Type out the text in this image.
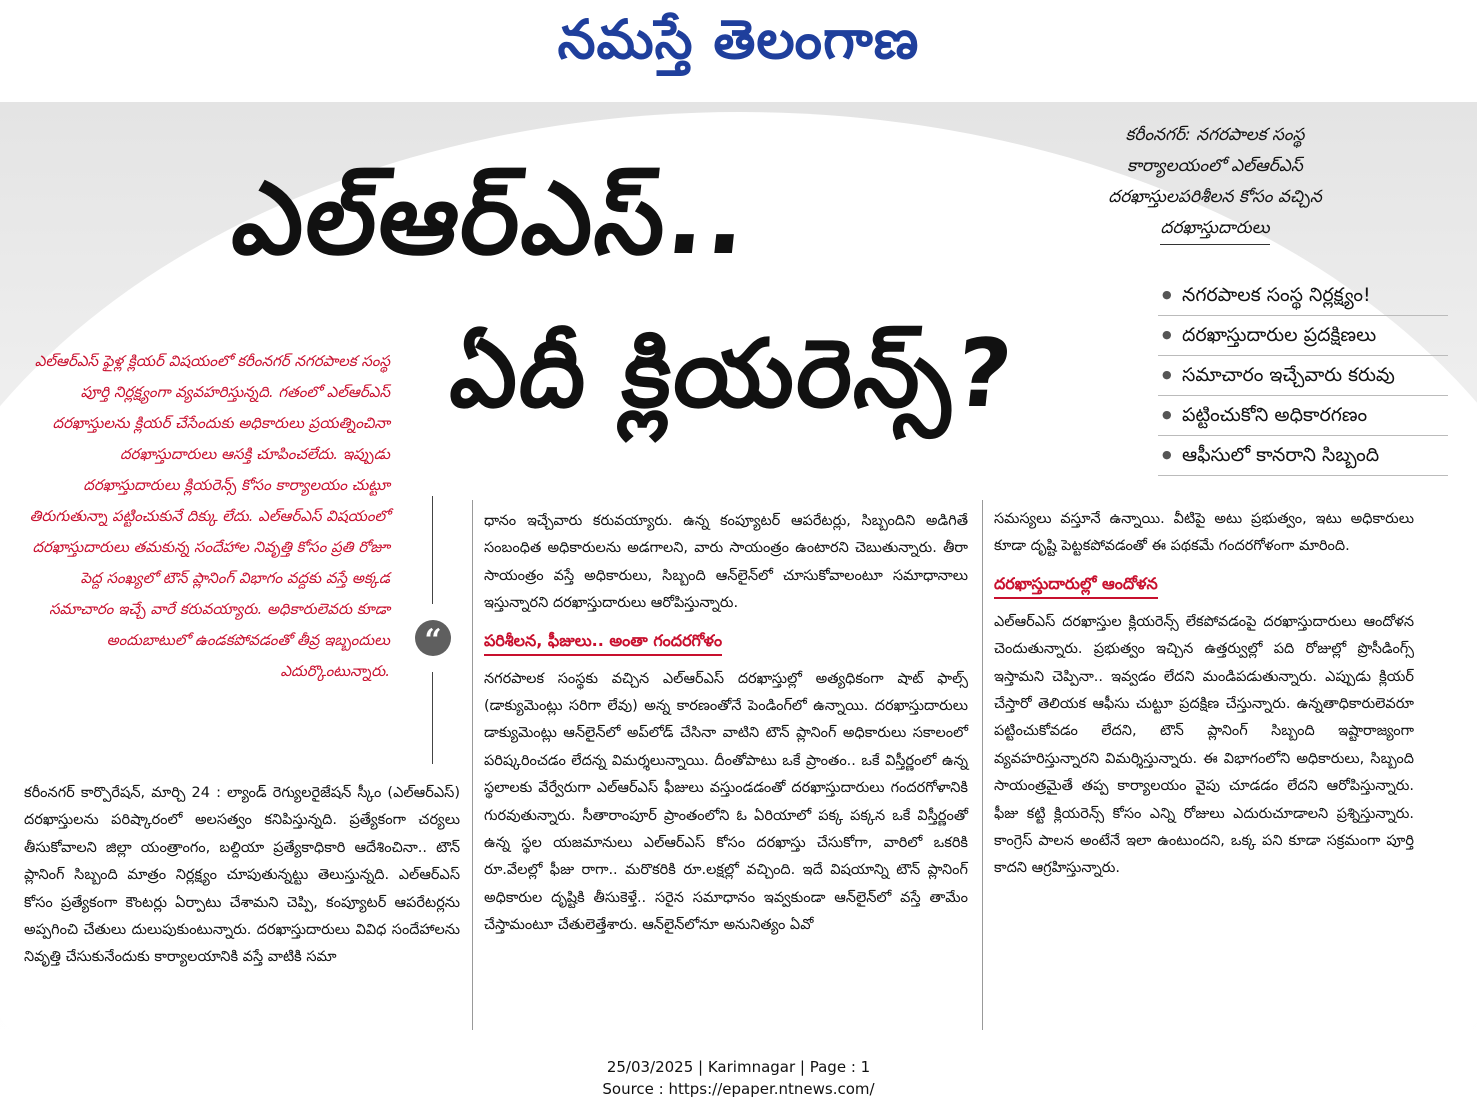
నమస్తే తెలంగాణ
కరీంనగర్: నగరపాలక సంస్థ
కార్యాలయంలో ఎల్‌ఆర్‌ఎస్
దరఖాస్తులపరిశీలన కోసం వచ్చిన
దరఖాస్తుదారులు
ఎల్‌ఆర్‌ఎస్..
ఏదీ క్లియరెన్స్?
● నగరపాలక సంస్థ నిర్లక్ష్యం!
● దరఖాస్తుదారుల ప్రదక్షిణలు
● సమాచారం ఇచ్చేవారు కరువు
● పట్టించుకోని అధికారగణం
● ఆఫీసులో కానరాని సిబ్బంది
ఎల్‌ఆర్‌ఎస్ ఫైళ్ల క్లియర్ విషయంలో కరీంనగర్ నగరపాలక సంస్థ పూర్తి నిర్లక్ష్యంగా వ్యవహరిస్తున్నది. గతంలో ఎల్‌ఆర్‌ఎస్ దరఖాస్తులను క్లియర్ చేసేందుకు అధికారులు ప్రయత్నించినా దరఖాస్తుదారులు ఆసక్తి చూపించలేదు. ఇప్పుడు దరఖాస్తుదారులు క్లియరెన్స్ కోసం కార్యాలయం చుట్టూ తిరుగుతున్నా పట్టించుకునే దిక్కు లేదు. ఎల్‌ఆర్‌ఎస్ విషయంలో దరఖాస్తుదారులు తమకున్న సందేహాల నివృత్తి కోసం ప్రతి రోజూ పెద్ద సంఖ్యలో టౌన్ ప్లానింగ్ విభాగం వద్దకు వస్తే అక్కడ సమాచారం ఇచ్చే వారే కరువయ్యారు. అధికారులెవరు కూడా అందుబాటులో ఉండకపోవడంతో తీవ్ర ఇబ్బందులు ఎదుర్కొంటున్నారు.
“

కరీంనగర్ కార్పొరేషన్, మార్చి 24 : ల్యాండ్ రెగ్యులరైజేషన్ స్కీం (ఎల్‌ఆర్‌ఎస్) దరఖాస్తులను పరిష్కారంలో అలసత్వం కనిపిస్తున్నది. ప్రత్యేకంగా చర్యలు తీసుకోవాలని జిల్లా యంత్రాంగం, బల్దియా ప్రత్యేకాధికారి ఆదేశించినా.. టౌన్ ప్లానింగ్ సిబ్బంది మాత్రం నిర్లక్ష్యం చూపుతున్నట్టు తెలుస్తున్నది. ఎల్‌ఆర్‌ఎస్ కోసం ప్రత్యేకంగా కౌంటర్లు ఏర్పాటు చేశామని చెప్పి, కంప్యూటర్ ఆపరేటర్లను అప్పగించి చేతులు దులుపుకుంటున్నారు. దరఖాస్తుదారులు వివిధ సందేహాలను నివృత్తి చేసుకునేందుకు కార్యాలయానికి వస్తే వాటికి సమా

ధానం ఇచ్చేవారు కరువయ్యారు. ఉన్న కంప్యూటర్ ఆపరేటర్లు, సిబ్బందిని అడిగితే సంబంధిత అధికారులను అడగాలని, వారు సాయంత్రం ఉంటారని చెబుతున్నారు. తీరా సాయంత్రం వస్తే అధికారులు, సిబ్బంది ఆన్‌లైన్‌లో చూసుకోవాలంటూ సమాధానాలు ఇస్తున్నారని దరఖాస్తుదారులు ఆరోపిస్తున్నారు.

పరిశీలన, ఫీజులు.. అంతా గందరగోళం

నగరపాలక సంస్థకు వచ్చిన ఎల్‌ఆర్‌ఎస్ దరఖాస్తుల్లో అత్యధికంగా షాట్ ఫాల్స్ (డాక్యుమెంట్లు సరిగా లేవు) అన్న కారణంతోనే పెండింగ్‌లో ఉన్నాయి. దరఖాస్తుదారులు డాక్యుమెంట్లు ఆన్‌లైన్‌లో అప్‌లోడ్ చేసినా వాటిని టౌన్ ప్లానింగ్ అధికారులు సకాలంలో పరిష్కరించడం లేదన్న విమర్శలున్నాయి. దీంతోపాటు ఒకే ప్రాంతం.. ఒకే విస్తీర్ణంలో ఉన్న స్థలాలకు వేర్వేరుగా ఎల్‌ఆర్‌ఎస్ ఫీజులు వస్తుండడంతో దరఖాస్తుదారులు గందరగోళానికి గురవుతున్నారు. సీతారాంపూర్ ప్రాంతంలోని ఓ ఏరియాలో పక్క పక్కన ఒకే విస్తీర్ణంతో ఉన్న స్థల యజమానులు ఎల్‌ఆర్‌ఎస్ కోసం దరఖాస్తు చేసుకోగా, వారిలో ఒకరికి రూ.వేలల్లో ఫీజు రాగా.. మరొకరికి రూ.లక్షల్లో వచ్చింది. ఇదే విషయాన్ని టౌన్ ప్లానింగ్ అధికారుల దృష్టికి తీసుకెళ్తే.. సరైన సమాధానం ఇవ్వకుండా ఆన్‌లైన్‌లో వస్తే తామేం చేస్తామంటూ చేతులెత్తేశారు. ఆన్‌లైన్‌లోనూ అనునిత్యం ఏవో

సమస్యలు వస్తూనే ఉన్నాయి. వీటిపై అటు ప్రభుత్వం, ఇటు అధికారులు కూడా దృష్టి పెట్టకపోవడంతో ఈ పథకమే గందరగోళంగా మారింది.

దరఖాస్తుదారుల్లో ఆందోళన

ఎల్‌ఆర్‌ఎస్ దరఖాస్తుల క్లియరెన్స్ లేకపోవడంపై దరఖాస్తుదారులు ఆందోళన చెందుతున్నారు. ప్రభుత్వం ఇచ్చిన ఉత్తర్వుల్లో పది రోజుల్లో ప్రొసీడింగ్స్ ఇస్తామని చెప్పినా.. ఇవ్వడం లేదని మండిపడుతున్నారు. ఎప్పుడు క్లియర్ చేస్తారో తెలియక ఆఫీసు చుట్టూ ప్రదక్షిణ చేస్తున్నారు. ఉన్నతాధికారులెవరూ పట్టించుకోవడం లేదని, టౌన్ ప్లానింగ్ సిబ్బంది ఇష్టారాజ్యంగా వ్యవహరిస్తున్నారని విమర్శిస్తున్నారు. ఈ విభాగంలోని అధికారులు, సిబ్బంది సాయంత్రమైతే తప్ప కార్యాలయం వైపు చూడడం లేదని ఆరోపిస్తున్నారు. ఫీజు కట్టి క్లియరెన్స్ కోసం ఎన్ని రోజులు ఎదురుచూడాలని ప్రశ్నిస్తున్నారు. కాంగ్రెస్ పాలన అంటేనే ఇలా ఉంటుందని, ఒక్క పని కూడా సక్రమంగా పూర్తి కాదని ఆగ్రహిస్తున్నారు.

25/03/2025 | Karimnagar | Page : 1
Source : https://epaper.ntnews.com/
